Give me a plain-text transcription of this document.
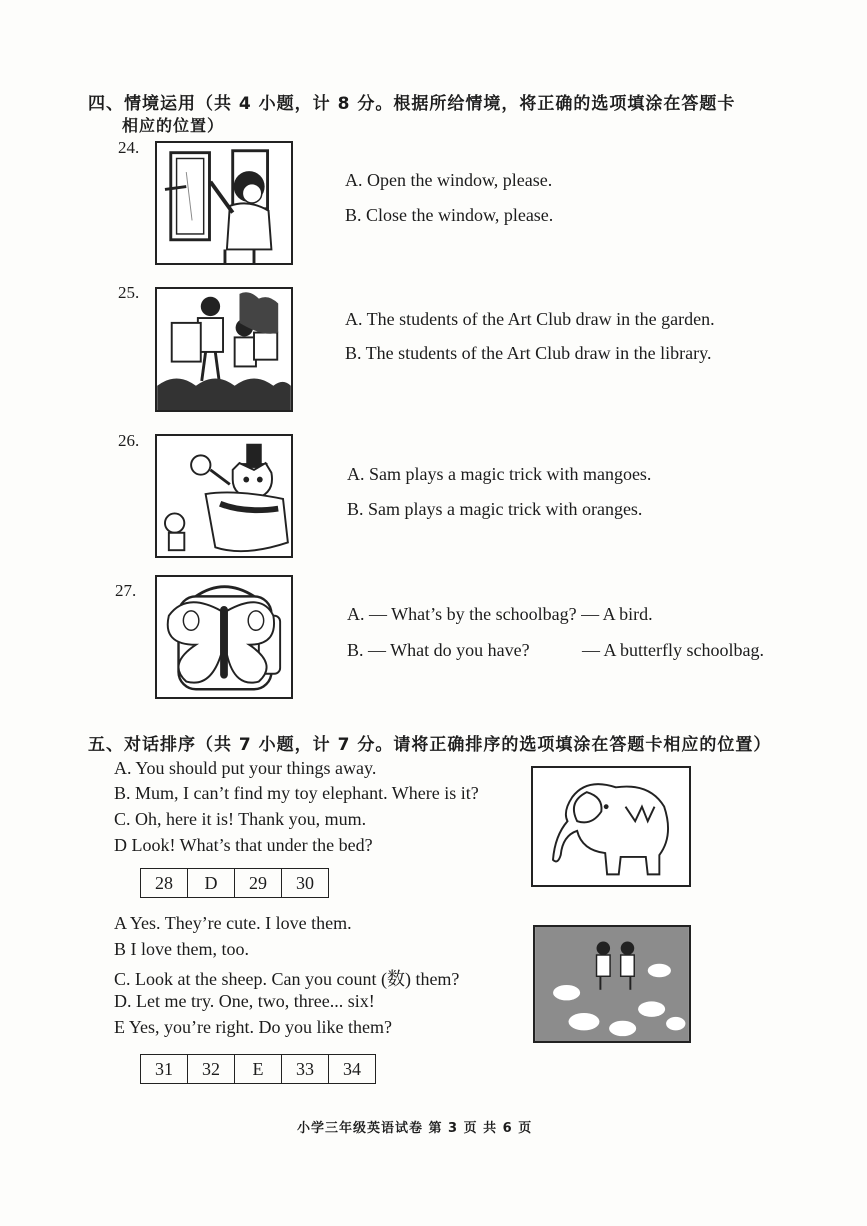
四、情境运用（共 4 小题，计 8 分。根据所给情境，将正确的选项填涂在答题卡
相应的位置）
24.
A. Open the window, please.
B. Close the window, please.
25.
A. The students of the Art Club draw in the garden.
B. The students of the Art Club draw in the library.
26.
A. Sam plays a magic trick with mangoes.
B. Sam plays a magic trick with oranges.
27.
A. — What’s by the schoolbag? — A bird.
B. — What do you have?	— A butterfly schoolbag.
五、对话排序（共 7 小题，计 7 分。请将正确排序的选项填涂在答题卡相应的位置）
A. You should put your things away.
B. Mum, I can’t find my toy elephant. Where is it?
C. Oh, here it is! Thank you, mum.
D Look! What’s that under the bed?
28	D	29	30
A Yes. They’re cute. I love them.
B I love them, too.
C. Look at the sheep. Can you count (数) them?
D. Let me try. One, two, three... six!
E Yes, you’re right. Do you like them?
31	32	E	33	34
小学三年级英语试卷 第 3 页 共 6 页
